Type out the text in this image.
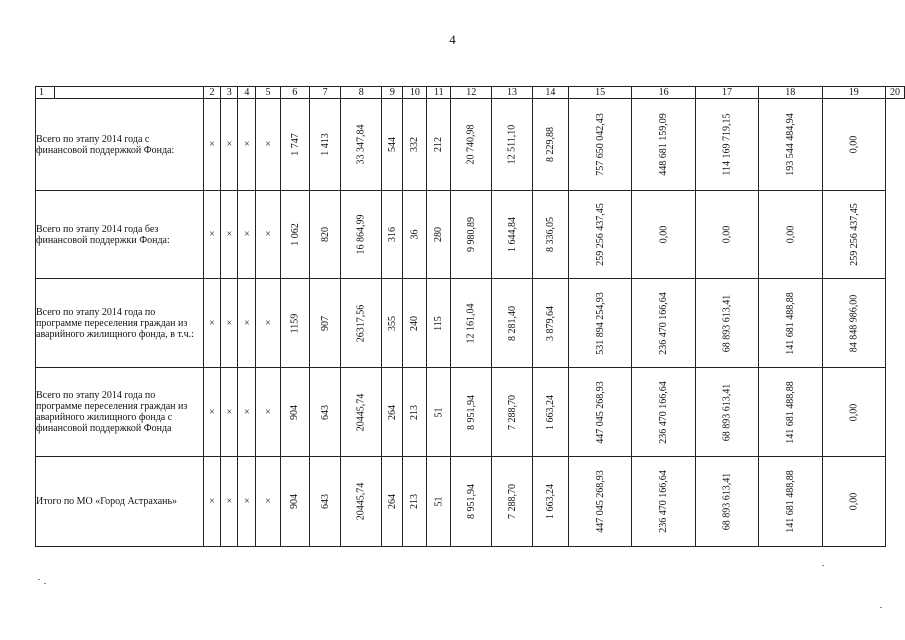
4
1		2	3	4	5	6	7	8	9	10	11	12	13	14	15	16	17	18	19	20
Всего по этапу 2014 года с финансовой поддержкой Фонда:		×	×	×	×	1 747	1 413	33 347,84	544	332	212	20 740,98	12 511,10	8 229,88	757 650 042,43	448 681 159,09	114 169 719,15	193 544 484,94	0,00	
Всего по этапу 2014 года без финансовой поддержки Фонда:		×	×	×	×	1 062	820	16 864,99	316	36	280	9 980,89	1 644,84	8 336,05	259 256 437,45	0,00	0,00	0,00	259 256 437,45	
Всего по этапу 2014 года по программе переселения граждан из аварийного жилищного фонда, в т.ч.:		×	×	×	×	1159	907	26317,56	355	240	115	12 161,04	8 281,40	3 879,64	531 894 254,93	236 470 166,64	68 893 613,41	141 681 488,88	84 848 986,00	
Всего по этапу 2014 года по программе переселения граждан из аварийного жилищного фонда с финансовой поддержкой Фонда		×	×	×	×	904	643	20445,74	264	213	51	8 951,94	7 288,70	1 663,24	447 045 268,93	236 470 166,64	68 893 613,41	141 681 488,88	0,00	
Итого по МО «Город Астрахань»		×	×	×	×	904	643	20445,74	264	213	51	8 951,94	7 288,70	1 663,24	447 045 268,93	236 470 166,64	68 893 613,41	141 681 488,88	0,00	
